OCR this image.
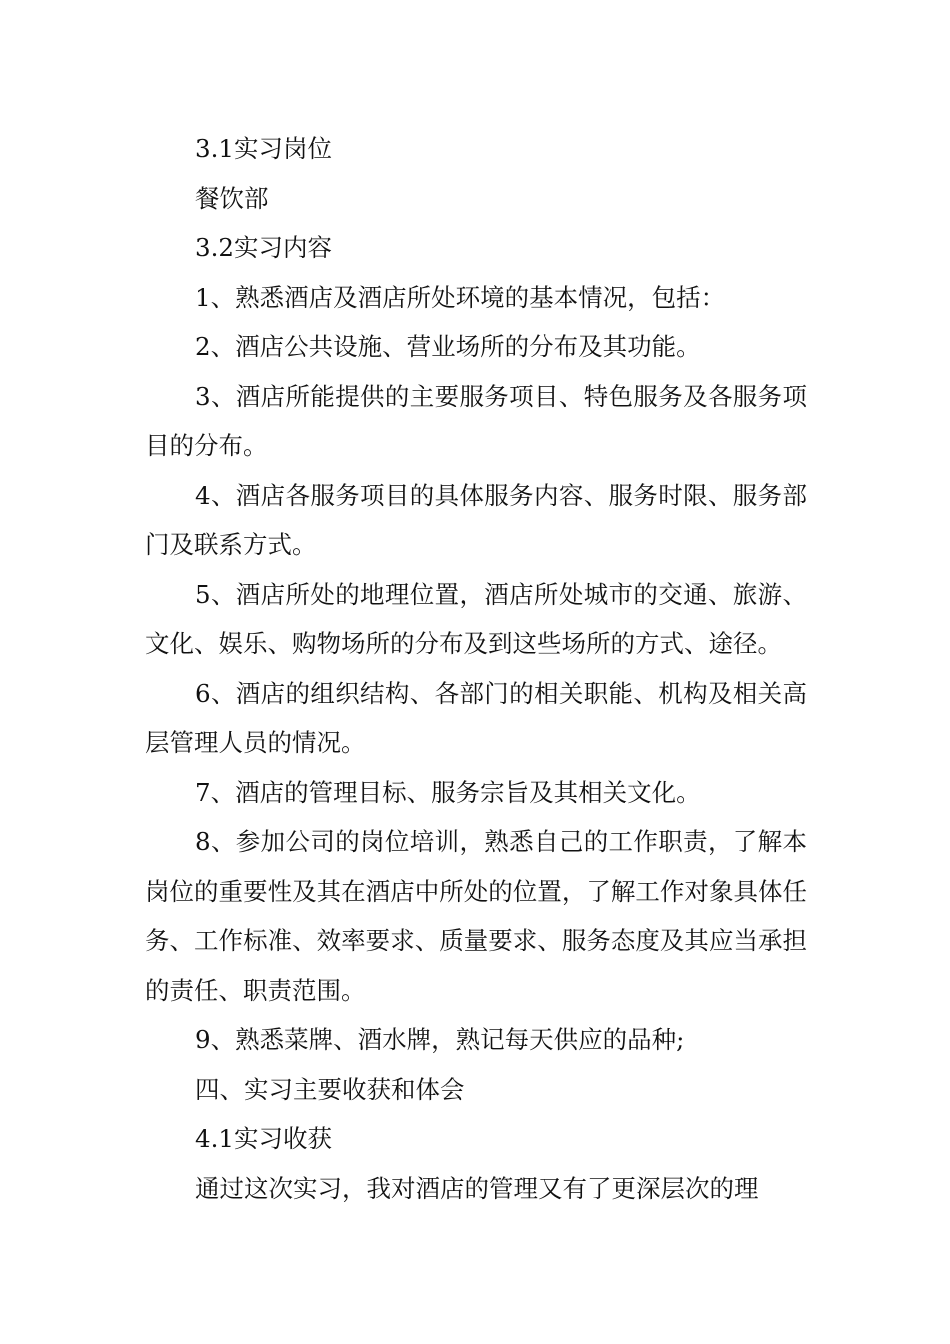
3.1实习岗位

餐饮部

3.2实习内容

1、熟悉酒店及酒店所处环境的基本情况，包括：

2、酒店公共设施、营业场所的分布及其功能。

3、酒店所能提供的主要服务项目、特色服务及各服务项目的分布。

4、酒店各服务项目的具体服务内容、服务时限、服务部门及联系方式。

5、酒店所处的地理位置，酒店所处城市的交通、旅游、文化、娱乐、购物场所的分布及到这些场所的方式、途径。

6、酒店的组织结构、各部门的相关职能、机构及相关高层管理人员的情况。

7、酒店的管理目标、服务宗旨及其相关文化。

8、参加公司的岗位培训，熟悉自己的工作职责，了解本岗位的重要性及其在酒店中所处的位置，了解工作对象具体任务、工作标准、效率要求、质量要求、服务态度及其应当承担的责任、职责范围。

9、熟悉菜牌、酒水牌，熟记每天供应的品种;

四、实习主要收获和体会

4.1实习收获

通过这次实习，我对酒店的管理又有了更深层次的理
